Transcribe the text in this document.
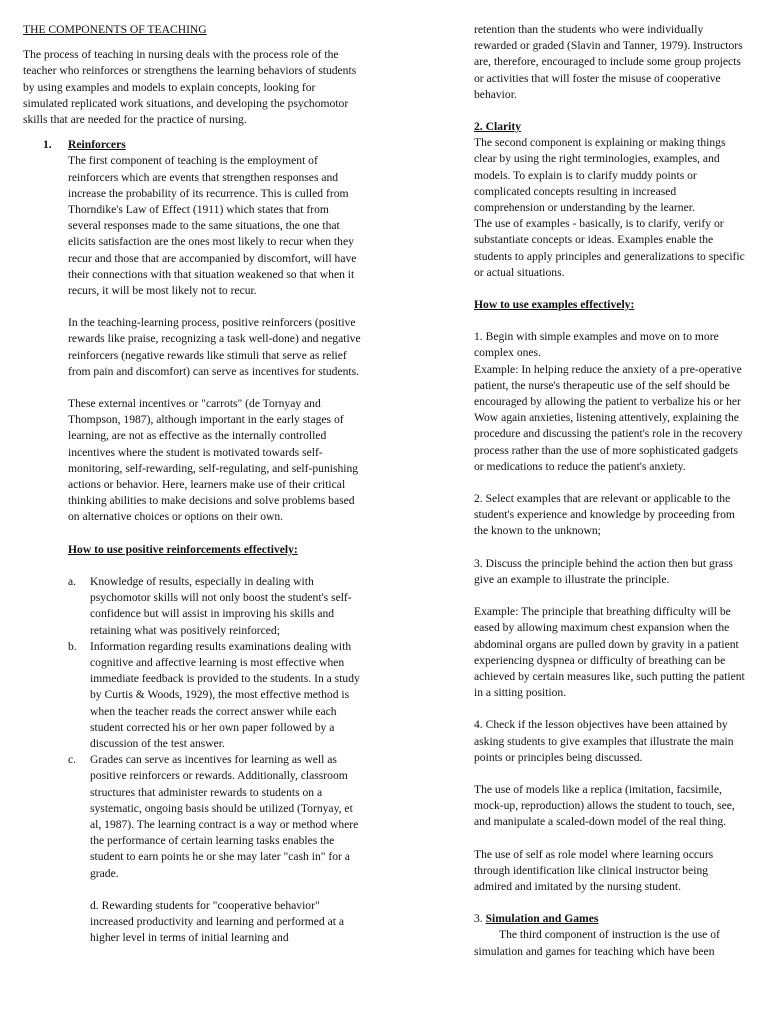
THE COMPONENTS OF TEACHING

The process of teaching in nursing deals with the process role of the teacher who reinforces or strengthens the learning behaviors of students by using examples and models to explain concepts, looking for simulated replicated work situations, and developing the psychomotor skills that are needed for the practice of nursing.

1.	Reinforcers

The first component of teaching is the employment of reinforcers which are events that strengthen responses and increase the probability of its recurrence. This is culled from Thorndike's Law of Effect (1911) which states that from several responses made to the same situations, the one that elicits satisfaction are the ones most likely to recur when they recur and those that are accompanied by discomfort, will have their connections with that situation weakened so that when it recurs, it will be most likely not to recur.

In the teaching-learning process, positive reinforcers (positive rewards like praise, recognizing a task well-done) and negative reinforcers (negative rewards like stimuli that serve as relief from pain and discomfort) can serve as incentives for students.

These external incentives or "carrots" (de Tornyay and Thompson, 1987), although important in the early stages of learning, are not as effective as the internally controlled incentives where the student is motivated towards self-monitoring, self-rewarding, self-regulating, and self-punishing actions or behavior. Here, learners make use of their critical thinking abilities to make decisions and solve problems based on alternative choices or options on their own.

How to use positive reinforcements effectively:

a.	Knowledge of results, especially in dealing with psychomotor skills will not only boost the student's self-confidence but will assist in improving his skills and retaining what was positively reinforced;
b.	Information regarding results examinations dealing with cognitive and affective learning is most effective when immediate feedback is provided to the students. In a study by Curtis & Woods, 1929), the most effective method is when the teacher reads the correct answer while each student corrected his or her own paper followed by a discussion of the test answer.
c.	Grades can serve as incentives for learning as well as positive reinforcers or rewards. Additionally, classroom structures that administer rewards to students on a systematic, ongoing basis should be utilized (Tornyay, et al, 1987). The learning contract is a way or method where the performance of certain learning tasks enables the student to earn points he or she may later "cash in" for a grade.

d. Rewarding students for "cooperative behavior" increased productivity and learning and performed at a higher level in terms of initial learning and

retention than the students who were individually rewarded or graded (Slavin and Tanner, 1979). Instructors are, therefore, encouraged to include some group projects or activities that will foster the misuse of cooperative behavior.

2. Clarity

The second component is explaining or making things clear by using the right terminologies, examples, and models. To explain is to clarify muddy points or complicated concepts resulting in increased comprehension or understanding by the learner.

The use of examples - basically, is to clarify, verify or substantiate concepts or ideas. Examples enable the students to apply principles and generalizations to specific or actual situations.

How to use examples effectively:

1. Begin with simple examples and move on to more complex ones.

Example: In helping reduce the anxiety of a pre-operative patient, the nurse's therapeutic use of the self should be encouraged by allowing the patient to verbalize his or her Wow again anxieties, listening attentively, explaining the procedure and discussing the patient's role in the recovery process rather than the use of more sophisticated gadgets or medications to reduce the patient's anxiety.

2. Select examples that are relevant or applicable to the student's experience and knowledge by proceeding from the known to the unknown;

3. Discuss the principle behind the action then but grass give an example to illustrate the principle.

Example: The principle that breathing difficulty will be eased by allowing maximum chest expansion when the abdominal organs are pulled down by gravity in a patient experiencing dyspnea or difficulty of breathing can be achieved by certain measures like, such putting the patient in a sitting position.

4. Check if the lesson objectives have been attained by asking students to give examples that illustrate the main points or principles being discussed.

The use of models like a replica (imitation, facsimile, mock-up, reproduction) allows the student to touch, see, and manipulate a scaled-down model of the real thing.

The use of self as role model where learning occurs through identification like clinical instructor being admired and imitated by the nursing student.

3. Simulation and Games

The third component of instruction is the use of simulation and games for teaching which have been
